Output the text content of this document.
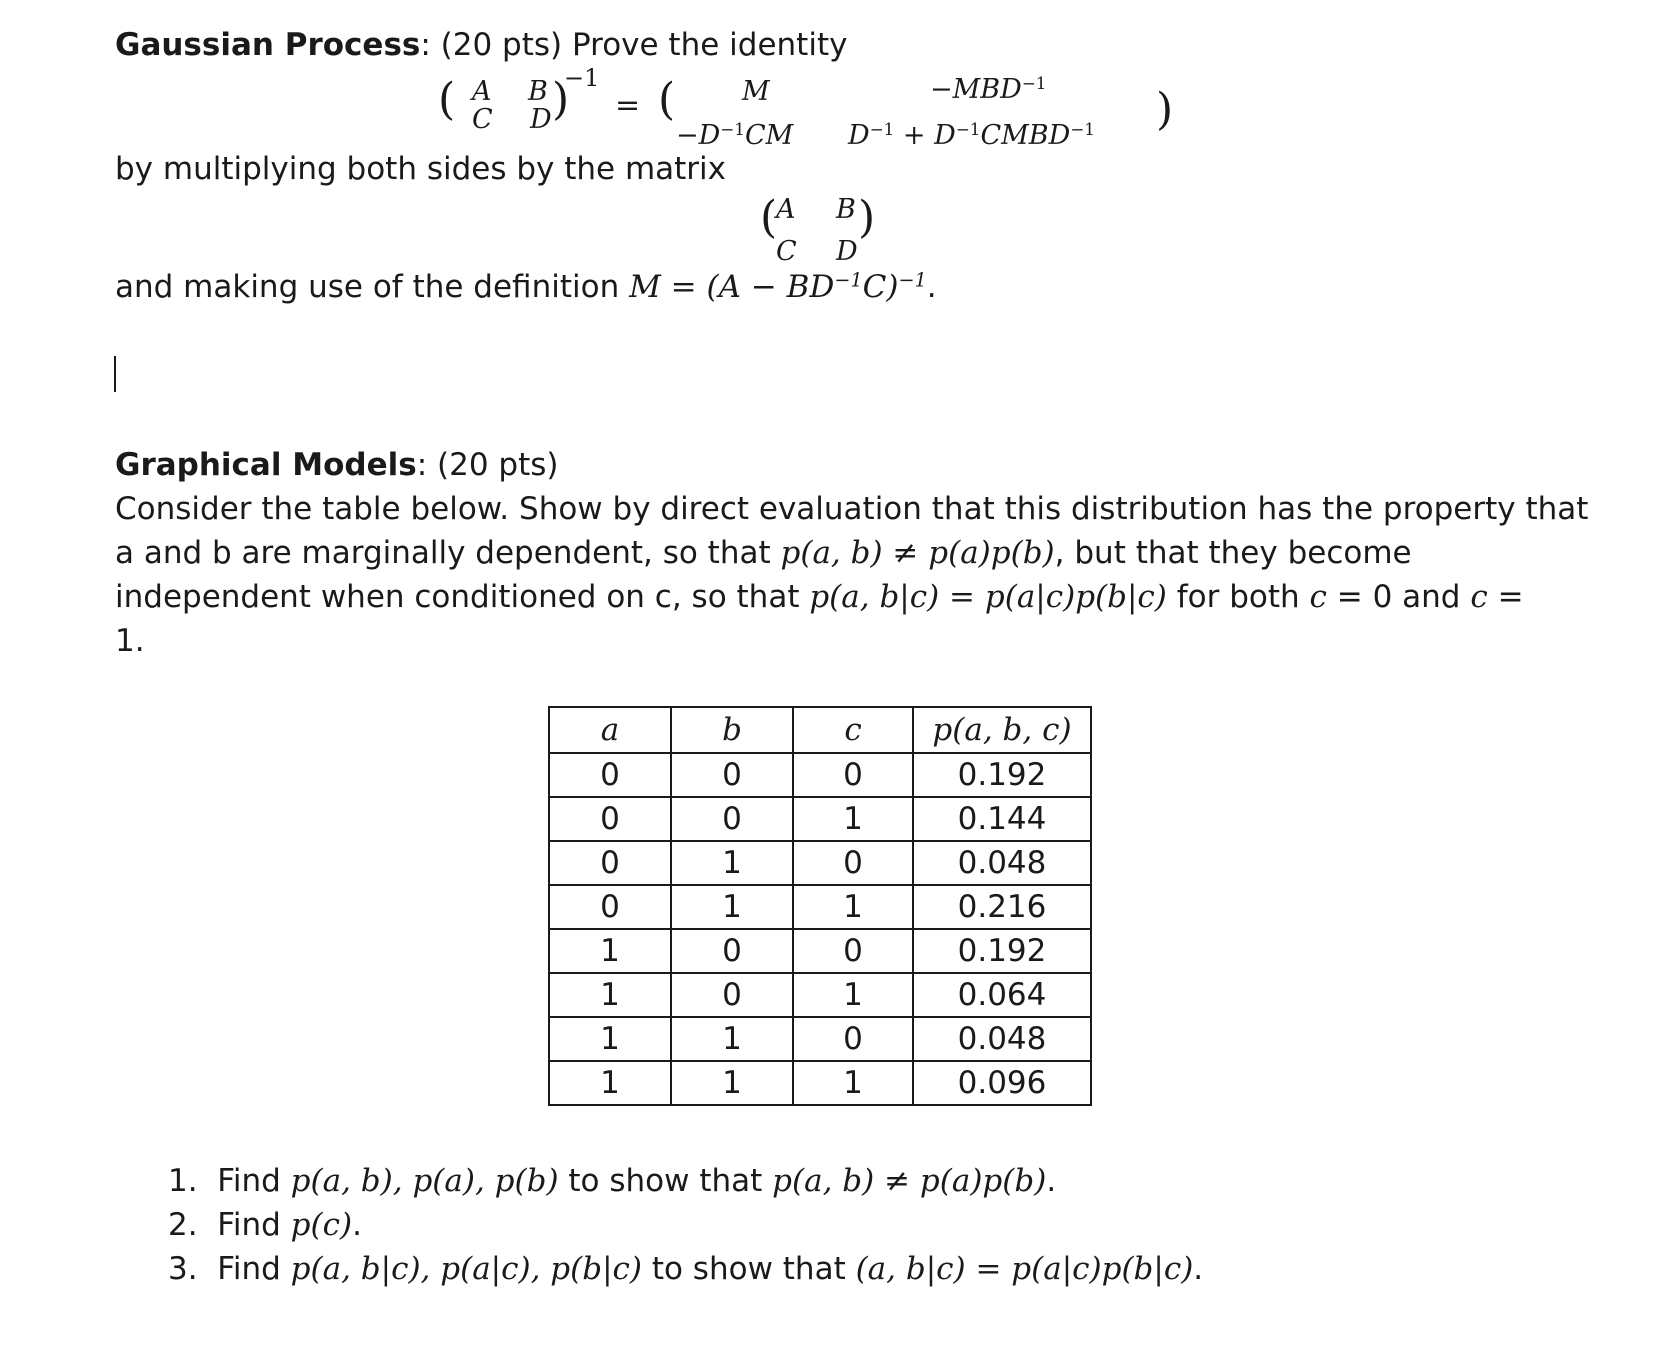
Gaussian Process: (20 pts) Prove the identity
( A B
C D )
−1
= ( M	$-MBD^{-1}$
$-D^{-1}CM$ $D^{-1}$ + $D^{-1}CMBD^{-1}$ )
by multiplying both sides by the matrix
(
A B
C D
)
and making use of the definition $M = (A - BD^{-1}C)^{-1}$.
Graphical Models: (20 pts)
Consider the table below. Show by direct evaluation that this distribution has the property that
a and b are marginally dependent, so that p(a, b) ≠ p(a)p(b), but that they become
independent when conditioned on c, so that p(a, b|c) = p(a|c)p(b|c) for both c = 0 and c =
1.
a	b	c	p(a, b, c)
0	0	0	0.192
0	0	1	0.144
0	1	0	0.048
0	1	1	0.216
1	0	0	0.192
1	0	1	0.064
1	1	0	0.048
1	1	1	0.096
1. Find p(a, b), p(a), p(b) to show that p(a, b) ≠ p(a)p(b).
2. Find p(c).
3. Find p(a, b|c), p(a|c), p(b|c) to show that (a, b|c) = p(a|c)p(b|c).
